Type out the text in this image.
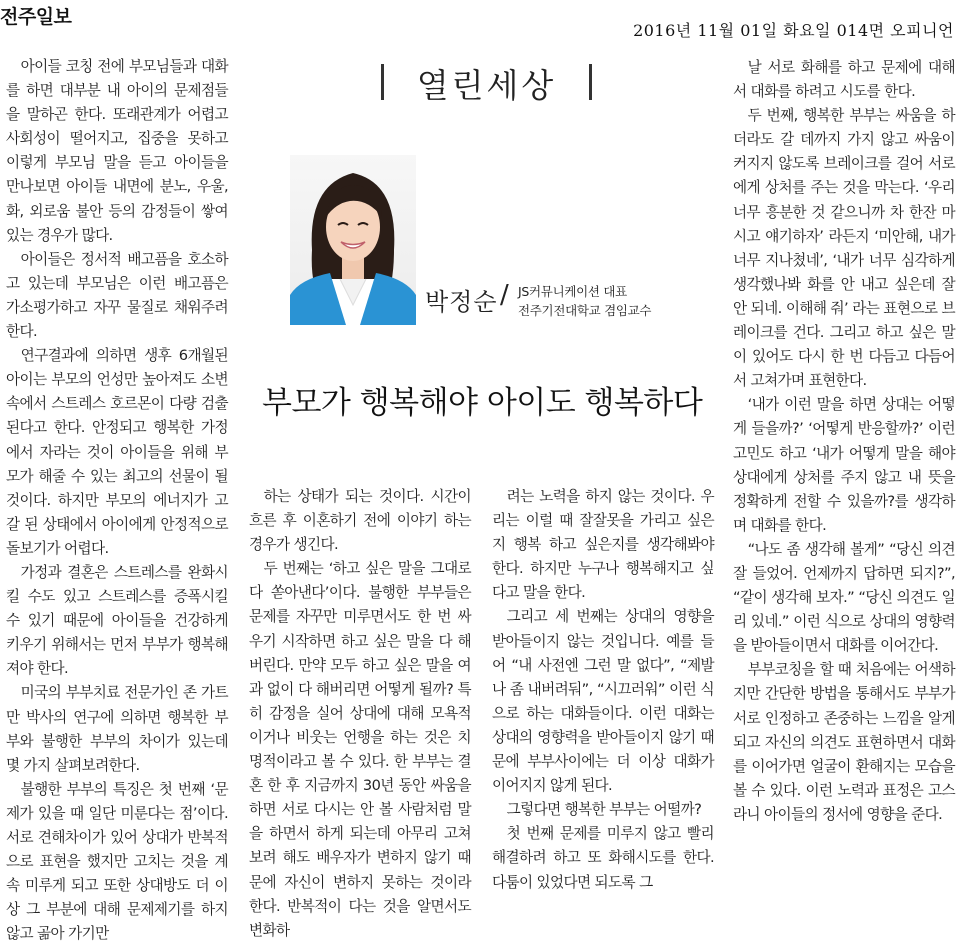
전주일보
2016년 11월 01일 화요일 014면 오피니언

아이들 코칭 전에 부모님들과 대화를 하면 대부분 내 아이의 문제점들을 말하곤 한다. 또래관계가 어렵고 사회성이 떨어지고, 집중을 못하고 이렇게 부모님 말을 듣고 아이들을 만나보면 아이들 내면에 분노, 우울, 화, 외로움 불안 등의 감정들이 쌓여 있는 경우가 많다.

아이들은 정서적 배고픔을 호소하고 있는데 부모님은 이런 배고픔은 가소평가하고 자꾸 물질로 채워주려 한다.

연구결과에 의하면 생후 6개월된 아이는 부모의 언성만 높아져도 소변 속에서 스트레스 호르몬이 다량 검출된다고 한다. 안정되고 행복한 가정에서 자라는 것이 아이들을 위해 부모가 해줄 수 있는 최고의 선물이 될 것이다. 하지만 부모의 에너지가 고갈 된 상태에서 아이에게 안정적으로 돌보기가 어렵다.

가정과 결혼은 스트레스를 완화시킬 수도 있고 스트레스를 증폭시킬 수 있기 때문에 아이들을 건강하게 키우기 위해서는 먼저 부부가 행복해져야 한다.

미국의 부부치료 전문가인 존 가트만 박사의 연구에 의하면 행복한 부부와 불행한 부부의 차이가 있는데 몇 가지 살펴보려한다.

불행한 부부의 특징은 첫 번째 ‘문제가 있을 때 일단 미룬다는 점’이다. 서로 견해차이가 있어 상대가 반복적으로 표현을 했지만 고치는 것을 계속 미루게 되고 또한 상대방도 더 이상 그 부분에 대해 문제제기를 하지 않고 곪아 가기만

열린세상
박정순 / JS커뮤니케이션 대표
전주기전대학교 겸임교수
부모가 행복해야 아이도 행복하다

하는 상태가 되는 것이다. 시간이 흐른 후 이혼하기 전에 이야기 하는 경우가 생긴다.

두 번째는 ‘하고 싶은 말을 그대로 다 쏟아낸다’이다. 불행한 부부들은 문제를 자꾸만 미루면서도 한 번 싸우기 시작하면 하고 싶은 말을 다 해버린다. 만약 모두 하고 싶은 말을 여과 없이 다 해버리면 어떻게 될까? 특히 감정을 실어 상대에 대해 모욕적이거나 비웃는 언행을 하는 것은 치명적이라고 볼 수 있다. 한 부부는 결혼 한 후 지금까지 30년 동안 싸움을 하면 서로 다시는 안 볼 사람처럼 말을 하면서 하게 되는데 아무리 고쳐보려 해도 배우자가 변하지 않기 때문에 자신이 변하지 못하는 것이라 한다. 반복적이 다는 것을 알면서도 변화하

려는 노력을 하지 않는 것이다. 우리는 이럴 때 잘잘못을 가리고 싶은지 행복 하고 싶은지를 생각해봐야 한다. 하지만 누구나 행복해지고 싶다고 말을 한다.

그리고 세 번째는 상대의 영향을 받아들이지 않는 것입니다. 예를 들어 “내 사전엔 그런 말 없다”, “제발 나 좀 내버려둬”, “시끄러워” 이런 식으로 하는 대화들이다. 이런 대화는 상대의 영향력을 받아들이지 않기 때문에 부부사이에는 더 이상 대화가 이어지지 않게 된다.

그렇다면 행복한 부부는 어떨까?

첫 번째 문제를 미루지 않고 빨리 해결하려 하고 또 화해시도를 한다. 다툼이 있었다면 되도록 그

날 서로 화해를 하고 문제에 대해서 대화를 하려고 시도를 한다.

두 번째, 행복한 부부는 싸움을 하더라도 갈 데까지 가지 않고 싸움이 커지지 않도록 브레이크를 걸어 서로에게 상처를 주는 것을 막는다. ‘우리 너무 흥분한 것 같으니까 차 한잔 마시고 얘기하자’ 라든지 ‘미안해, 내가 너무 지나쳤네’, ‘내가 너무 심각하게 생각했나봐 화를 안 내고 싶은데 잘 안 되네. 이해해 줘’ 라는 표현으로 브레이크를 건다. 그리고 하고 싶은 말이 있어도 다시 한 번 다듬고 다듬어서 고쳐가며 표현한다.

‘내가 이런 말을 하면 상대는 어떻게 들을까?’ ‘어떻게 반응할까?’ 이런 고민도 하고 ‘내가 어떻게 말을 해야 상대에게 상처를 주지 않고 내 뜻을 정확하게 전할 수 있을까?를 생각하며 대화를 한다.

“나도 좀 생각해 볼게” “당신 의견 잘 들었어. 언제까지 답하면 되지?”, “같이 생각해 보자.” “당신 의견도 일리 있네.” 이런 식으로 상대의 영향력을 받아들이면서 대화를 이어간다.

부부코칭을 할 때 처음에는 어색하지만 간단한 방법을 통해서도 부부가 서로 인정하고 존중하는 느낌을 알게 되고 자신의 의견도 표현하면서 대화를 이어가면 얼굴이 환해지는 모습을 볼 수 있다. 이런 노력과 표정은 고스라니 아이들의 정서에 영향을 준다.
